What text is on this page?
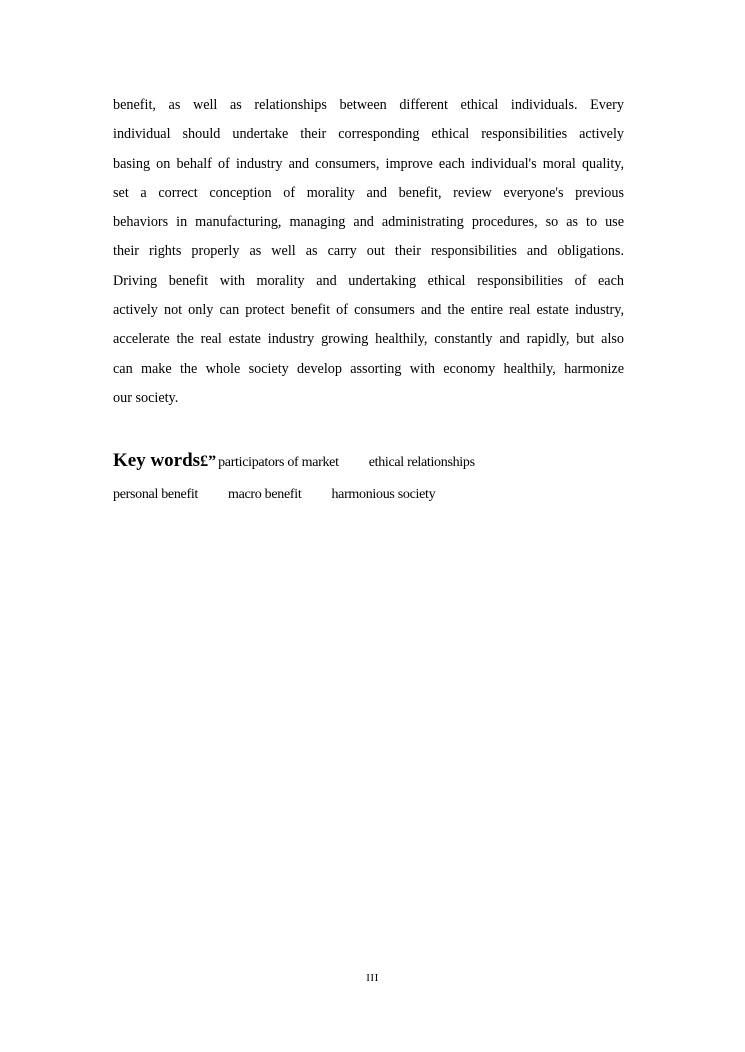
benefit, as well as relationships between different ethical individuals. Every
individual should undertake their corresponding ethical responsibilities actively
basing on behalf of industry and consumers, improve each individual's moral quality,
set a correct conception of morality and benefit, review everyone's previous
behaviors in manufacturing, managing and administrating procedures, so as to use
their rights properly as well as carry out their responsibilities and obligations.
Driving benefit with morality and undertaking ethical responsibilities of each
actively not only can protect benefit of consumers and the entire real estate industry,
accelerate the real estate industry growing healthily, constantly and rapidly, but also
can make the whole society develop assorting with economy healthily, harmonize
our society.
Key words£” participators of market ethical relationships
personal benefit macro benefit harmonious society
III
